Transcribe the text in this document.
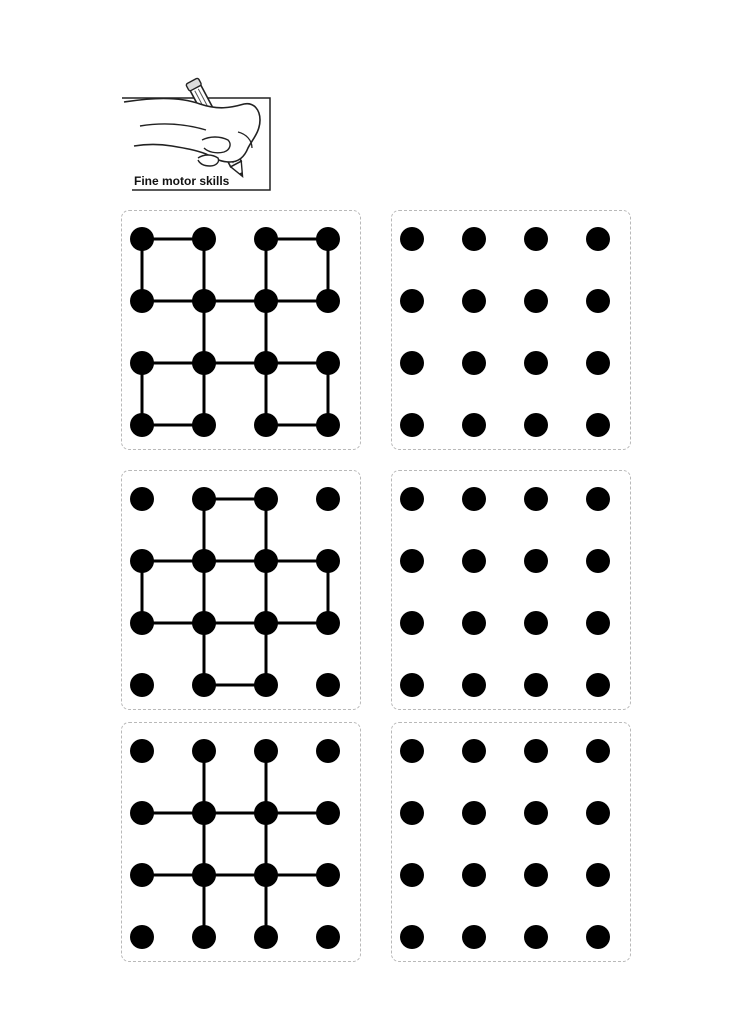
Fine motor skills
